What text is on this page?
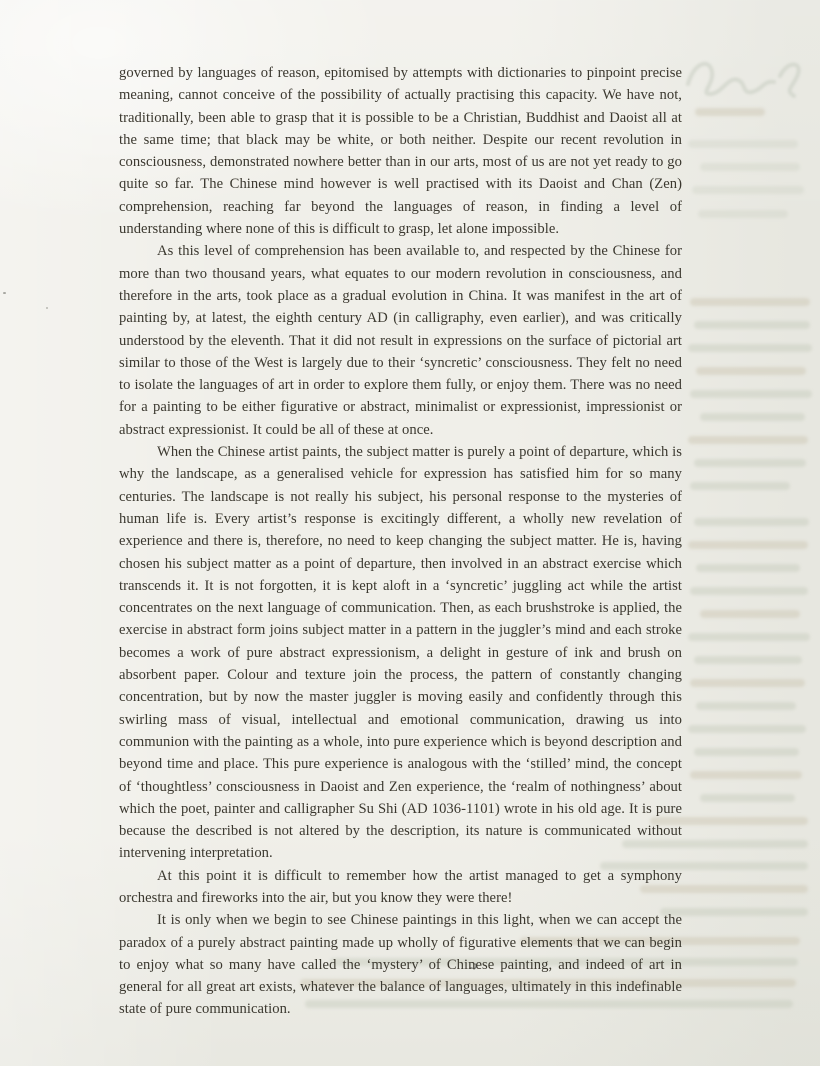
governed by languages of reason, epitomised by attempts with dictionaries to pinpoint precise meaning, cannot conceive of the possibility of actually practising this capacity. We have not, traditionally, been able to grasp that it is possible to be a Christian, Buddhist and Daoist all at the same time; that black may be white, or both neither. Despite our recent revolution in consciousness, demonstrated nowhere better than in our arts, most of us are not yet ready to go quite so far. The Chinese mind however is well practised with its Daoist and Chan (Zen) comprehension, reaching far beyond the languages of reason, in finding a level of understanding where none of this is difficult to grasp, let alone impossible.

As this level of comprehension has been available to, and respected by the Chinese for more than two thousand years, what equates to our modern revolution in consciousness, and therefore in the arts, took place as a gradual evolution in China. It was manifest in the art of painting by, at latest, the eighth century AD (in calligraphy, even earlier), and was critically understood by the eleventh. That it did not result in expressions on the surface of pictorial art similar to those of the West is largely due to their ‘syncretic’ consciousness. They felt no need to isolate the languages of art in order to explore them fully, or enjoy them. There was no need for a painting to be either figurative or abstract, minimalist or expressionist, impressionist or abstract expressionist. It could be all of these at once.

When the Chinese artist paints, the subject matter is purely a point of departure, which is why the landscape, as a generalised vehicle for expression has satisfied him for so many centuries. The landscape is not really his subject, his personal response to the mysteries of human life is. Every artist’s response is excitingly different, a wholly new revelation of experience and there is, therefore, no need to keep changing the subject matter. He is, having chosen his subject matter as a point of departure, then involved in an abstract exercise which transcends it. It is not forgotten, it is kept aloft in a ‘syncretic’ juggling act while the artist concentrates on the next language of communication. Then, as each brushstroke is applied, the exercise in abstract form joins subject matter in a pattern in the juggler’s mind and each stroke becomes a work of pure abstract expressionism, a delight in gesture of ink and brush on absorbent paper. Colour and texture join the process, the pattern of constantly changing concentration, but by now the master juggler is moving easily and confidently through this swirling mass of visual, intellectual and emotional communication, drawing us into communion with the painting as a whole, into pure experience which is beyond description and beyond time and place. This pure experience is analogous with the ‘stilled’ mind, the concept of ‘thoughtless’ consciousness in Daoist and Zen experience, the ‘realm of nothingness’ about which the poet, painter and calligrapher Su Shi (AD 1036-1101) wrote in his old age. It is pure because the described is not altered by the description, its nature is communicated without intervening interpretation.

At this point it is difficult to remember how the artist managed to get a symphony orchestra and fireworks into the air, but you know they were there!

It is only when we begin to see Chinese paintings in this light, when we can accept the paradox of a purely abstract painting made up wholly of figurative elements that we can begin to enjoy what so many have called the ‘mystery’ of Chinese painting, and indeed of art in general for all great art exists, whatever the balance of languages, ultimately in this indefinable state of pure communication.
